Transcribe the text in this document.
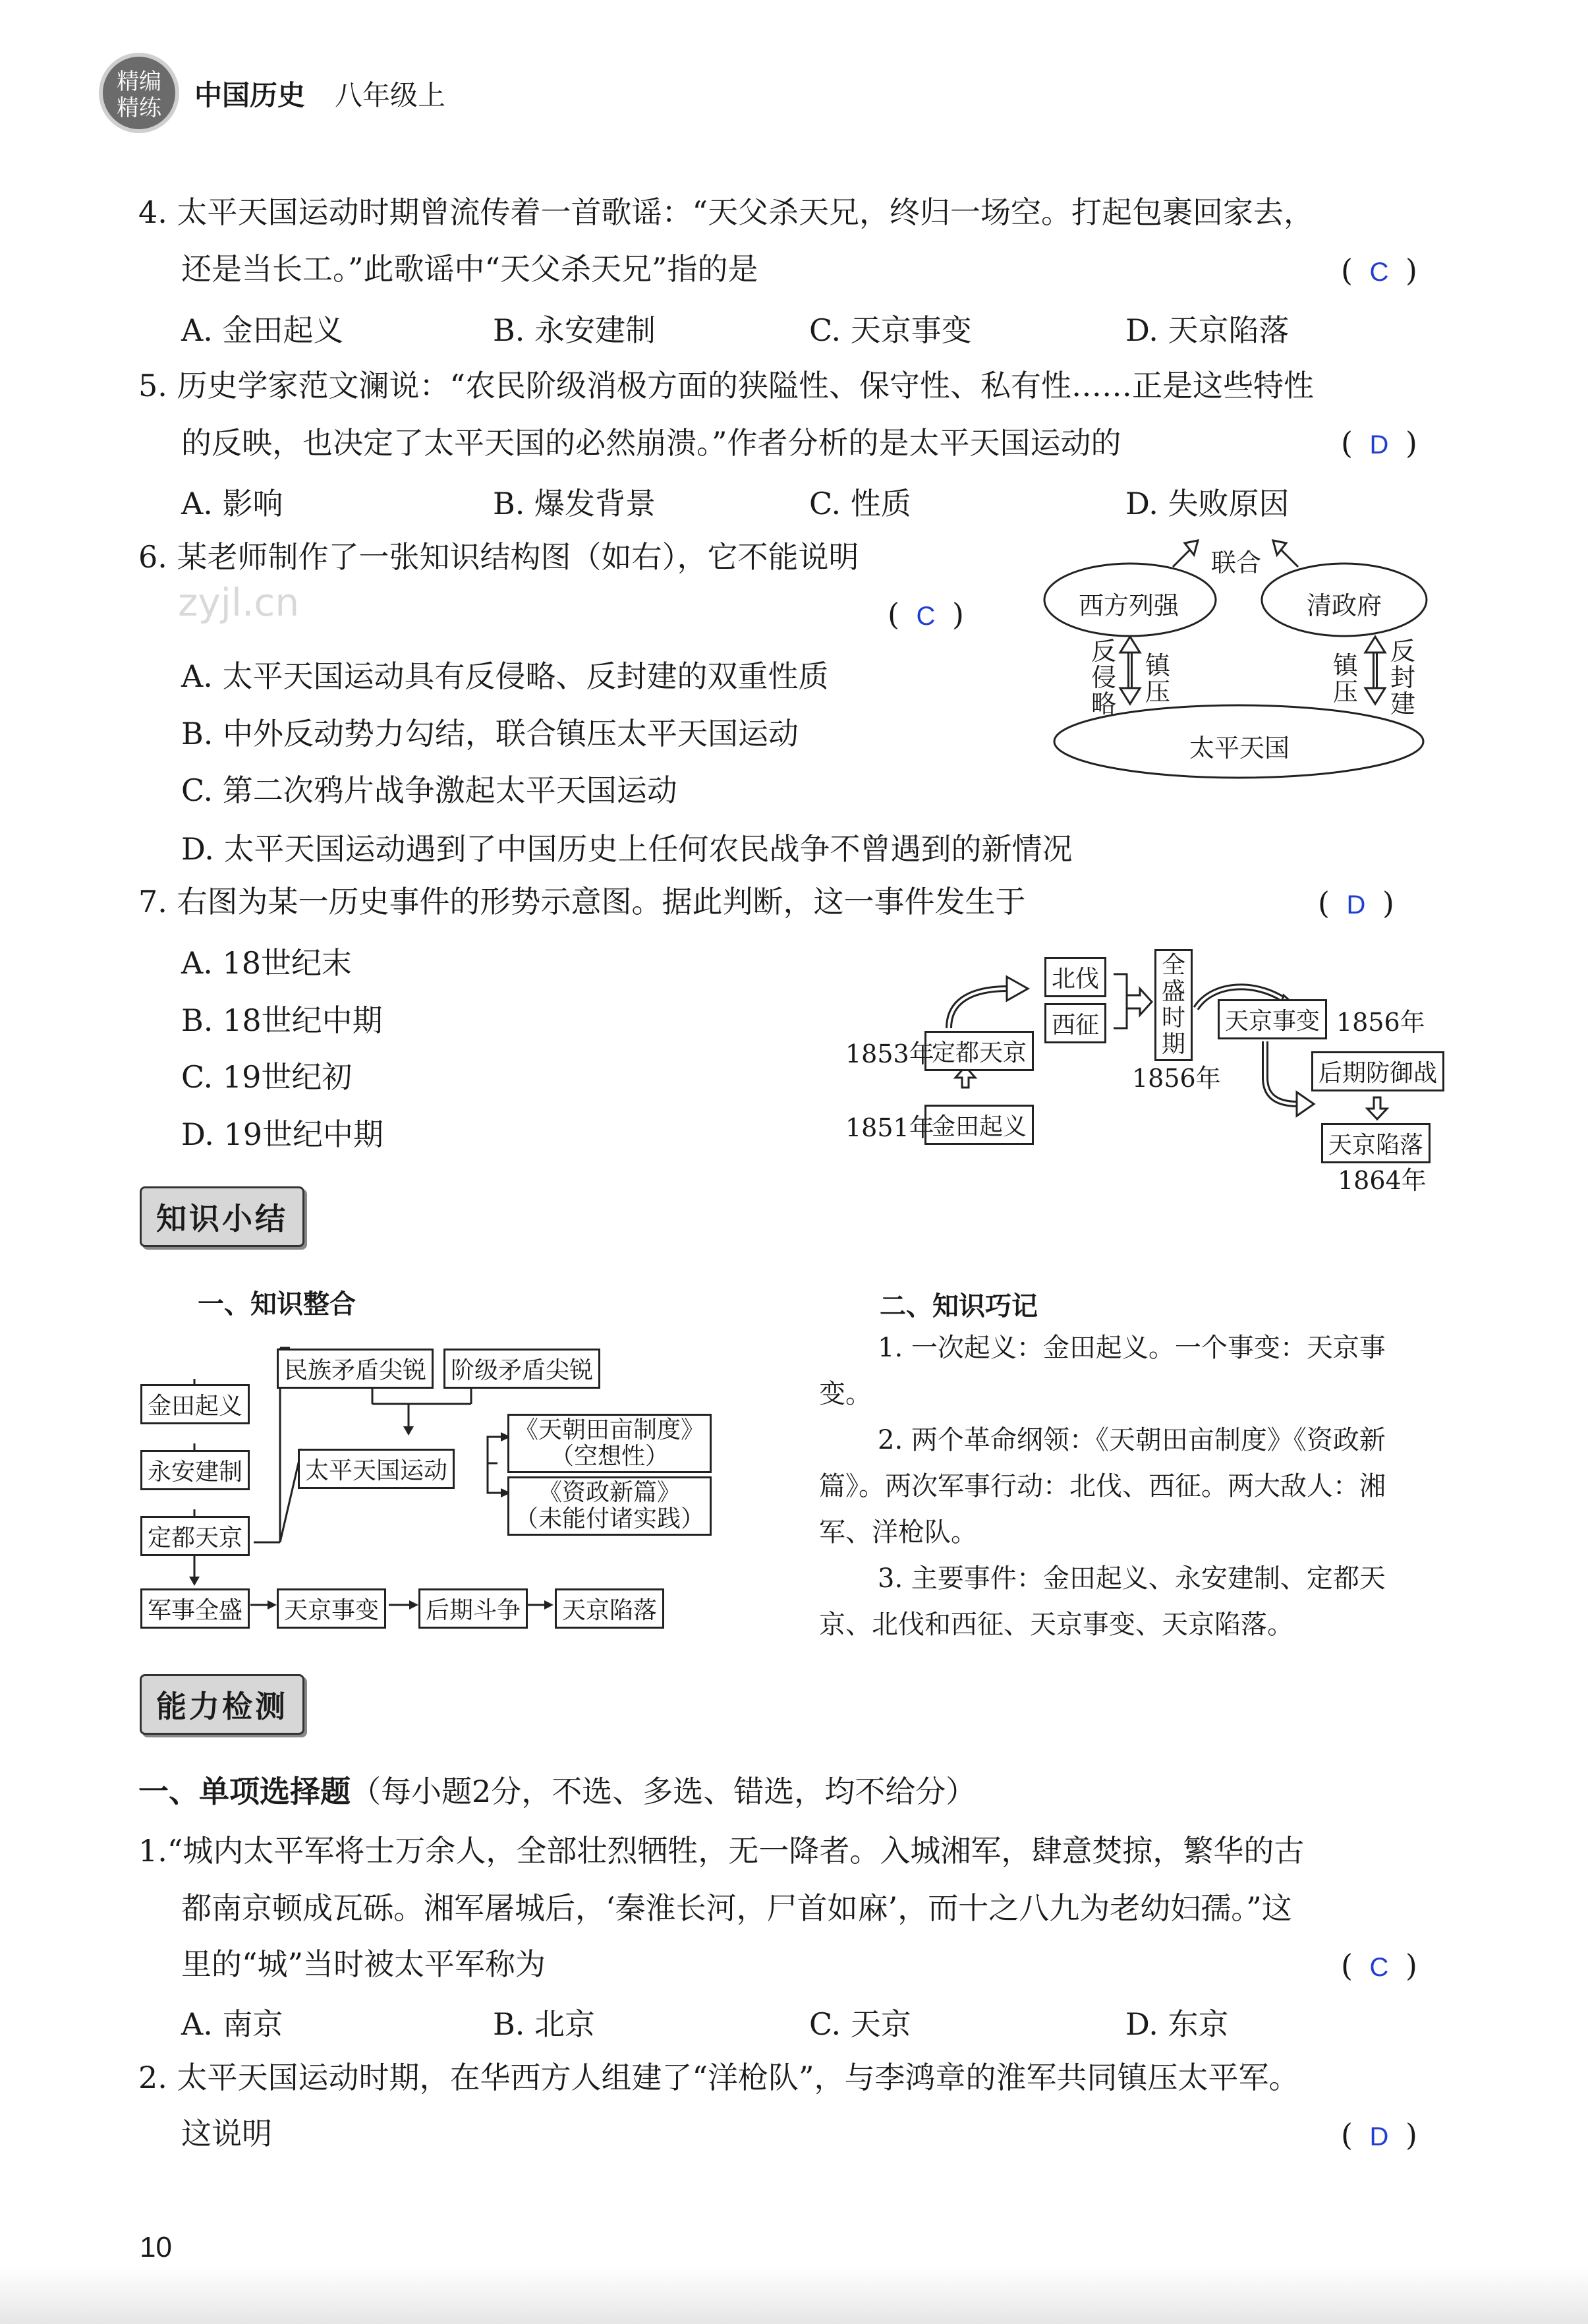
精编
精练	中国历史 八年级上
4. 太平天国运动时期曾流传着一首歌谣：“天父杀天兄，终归一场空。打起包裹回家去，
还是当长工。”此歌谣中“天父杀天兄”指的是	( C )
A. 金田起义	B. 永安建制	C. 天京事变	D. 天京陷落
5. 历史学家范文澜说：“农民阶级消极方面的狭隘性、保守性、私有性……正是这些特性
的反映，也决定了太平天国的必然崩溃。”作者分析的是太平天国运动的	( D )
A. 影响	B. 爆发背景	C. 性质	D. 失败原因
6. 某老师制作了一张知识结构图（如右），它不能说明
zyjl.cn	( C )
A. 太平天国运动具有反侵略、反封建的双重性质
B. 中外反动势力勾结，联合镇压太平天国运动
C. 第二次鸦片战争激起太平天国运动
D. 太平天国运动遇到了中国历史上任何农民战争不曾遇到的新情况
西方列强	清政府
太平天国
联合
反侵略
镇压
镇压
反封建
7. 右图为某一历史事件的形势示意图。据此判断，这一事件发生于	( D )
A. 18世纪末
B. 18世纪中期
C. 19世纪初
D. 19世纪中期	金田起义
1851年
定都天京
1853年
北伐
西征
全盛时期
1856年
天京事变 1856年
后期防御战
天京陷落
1864年
知识小结
一、知识整合	二、知识巧记
金田起义
永安建制
定都天京
军事全盛	天京事变	后期斗争	天京陷落
民族矛盾尖锐	阶级矛盾尖锐
太平天国运动
《天朝田亩制度》
（空想性）
《资政新篇》
（未能付诸实践）
1. 一次起义：金田起义。一个事变：天京事
变。
2. 两个革命纲领：《天朝田亩制度》《资政新
篇》。两次军事行动：北伐、西征。两大敌人：湘
军、洋枪队。
3. 主要事件：金田起义、永安建制、定都天
京、北伐和西征、天京事变、天京陷落。
能力检测
一、单项选择题（每小题2分，不选、多选、错选，均不给分）
1.“城内太平军将士万余人，全部壮烈牺牲，无一降者。入城湘军，肆意焚掠，繁华的古
都南京顿成瓦砾。湘军屠城后，‘秦淮长河，尸首如麻’，而十之八九为老幼妇孺。”这
里的“城”当时被太平军称为	( C )
A. 南京	B. 北京	C. 天京	D. 东京
2. 太平天国运动时期，在华西方人组建了“洋枪队”，与李鸿章的淮军共同镇压太平军。
这说明	( D )
10
